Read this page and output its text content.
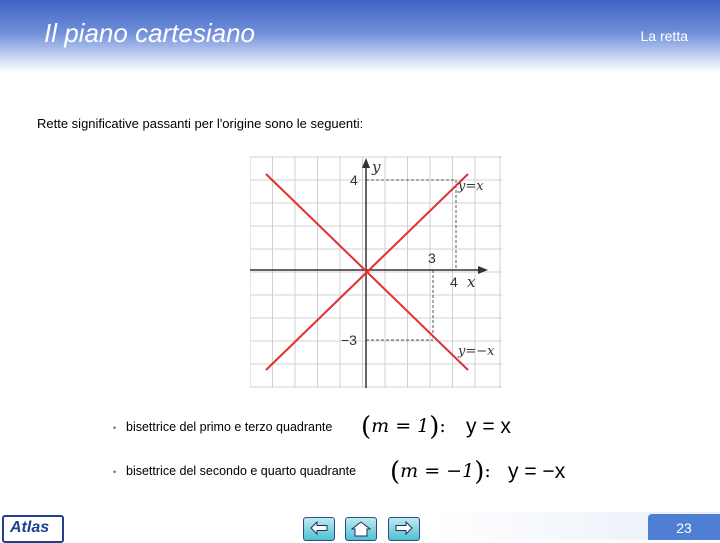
Il piano cartesiano	La retta
Rette significative passanti per l'origine sono le seguenti:
y
x
4
3
4
−3
y=x
y=−x
• bisettrice del primo e terzo quadrante (m = 1): y = x
• bisettrice del secondo e quarto quadrante (m = −1): y = −x
Atlas	23
